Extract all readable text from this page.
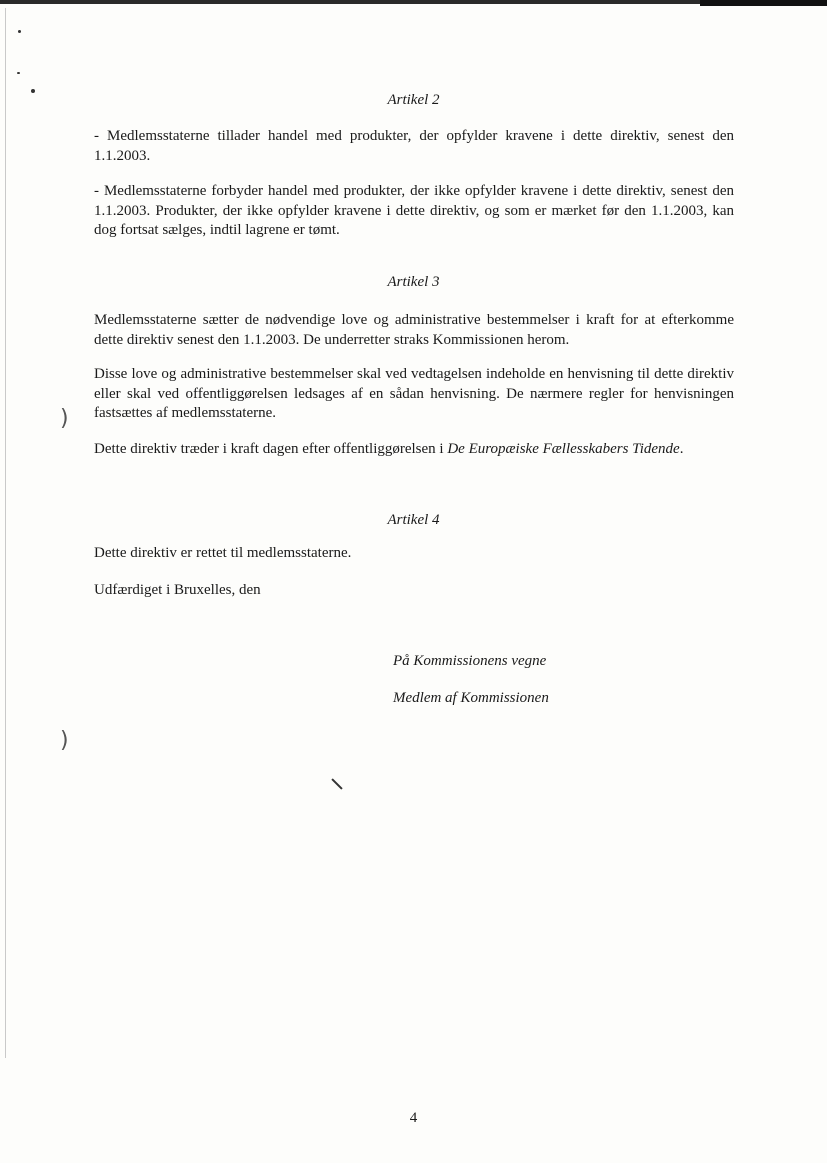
)
)
Artikel 2
- Medlemsstaterne tillader handel med produkter, der opfylder kravene i dette direktiv, senest den 1.1.2003.
- Medlemsstaterne forbyder handel med produkter, der ikke opfylder kravene i dette direktiv, senest den 1.1.2003. Produkter, der ikke opfylder kravene i dette direktiv, og som er mærket før den 1.1.2003, kan dog fortsat sælges, indtil lagrene er tømt.
Artikel 3
Medlemsstaterne sætter de nødvendige love og administrative bestemmelser i kraft for at efterkomme dette direktiv senest den 1.1.2003. De underretter straks Kommissionen herom.
Disse love og administrative bestemmelser skal ved vedtagelsen indeholde en henvisning til dette direktiv eller skal ved offentliggørelsen ledsages af en sådan henvisning. De nærmere regler for henvisningen fastsættes af medlemsstaterne.
Dette direktiv træder i kraft dagen efter offentliggørelsen i De Europæiske Fællesskabers Tidende.
Artikel 4
Dette direktiv er rettet til medlemsstaterne.
Udfærdiget i Bruxelles, den
På Kommissionens vegne
Medlem af Kommissionen
4
